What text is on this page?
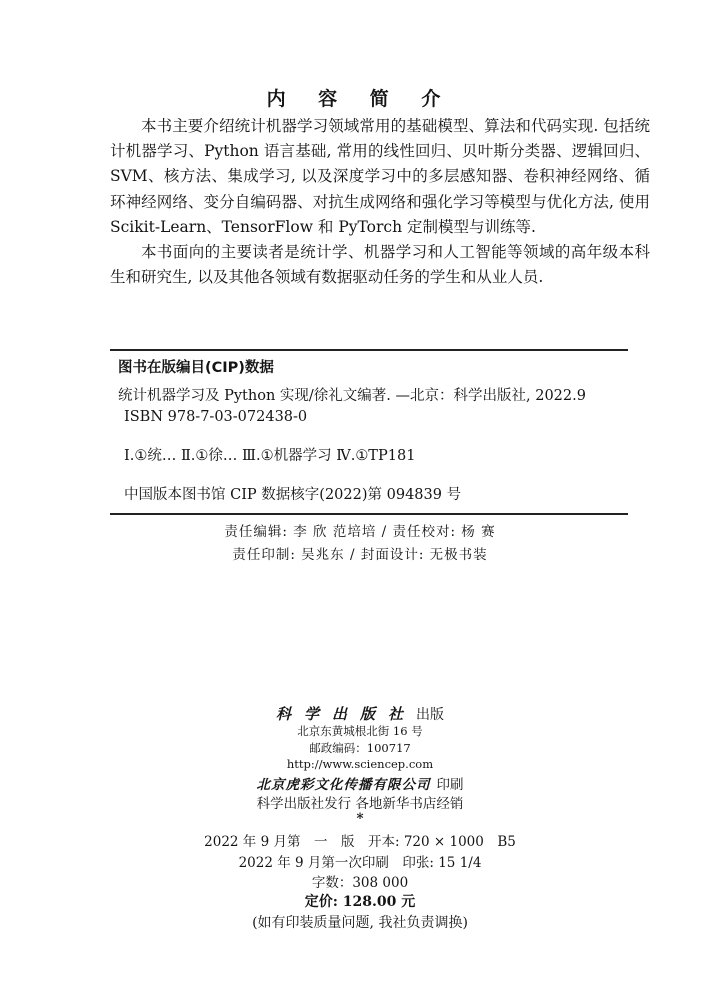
内 容 简 介

本书主要介绍统计机器学习领域常用的基础模型、算法和代码实现. 包括统计机器学习、Python 语言基础, 常用的线性回归、贝叶斯分类器、逻辑回归、SVM、核方法、集成学习, 以及深度学习中的多层感知器、卷积神经网络、循环神经网络、变分自编码器、对抗生成网络和强化学习等模型与优化方法, 使用 Scikit-Learn、TensorFlow 和 PyTorch 定制模型与训练等.

本书面向的主要读者是统计学、机器学习和人工智能等领域的高年级本科生和研究生, 以及其他各领域有数据驱动任务的学生和从业人员.

图书在版编目(CIP)数据
统计机器学习及 Python 实现/徐礼文编著. —北京：科学出版社, 2022.9
ISBN 978-7-03-072438-0
Ⅰ.①统… Ⅱ.①徐… Ⅲ.①机器学习 Ⅳ.①TP181
中国版本图书馆 CIP 数据核字(2022)第 094839 号
责任编辑: 李 欣 范培培 / 责任校对: 杨 赛
责任印制: 吴兆东 / 封面设计: 无极书装
科学出版社出版
北京东黄城根北街 16 号
邮政编码：100717
http://www.sciencep.com
北京虎彩文化传播有限公司 印刷
科学出版社发行 各地新华书店经销
*
2022 年 9 月第　一　版　开本: 720 × 1000　B5
2022 年 9 月第一次印刷　印张: 15 1/4
字数：308 000
定价: 128.00 元
(如有印装质量问题, 我社负责调换)
